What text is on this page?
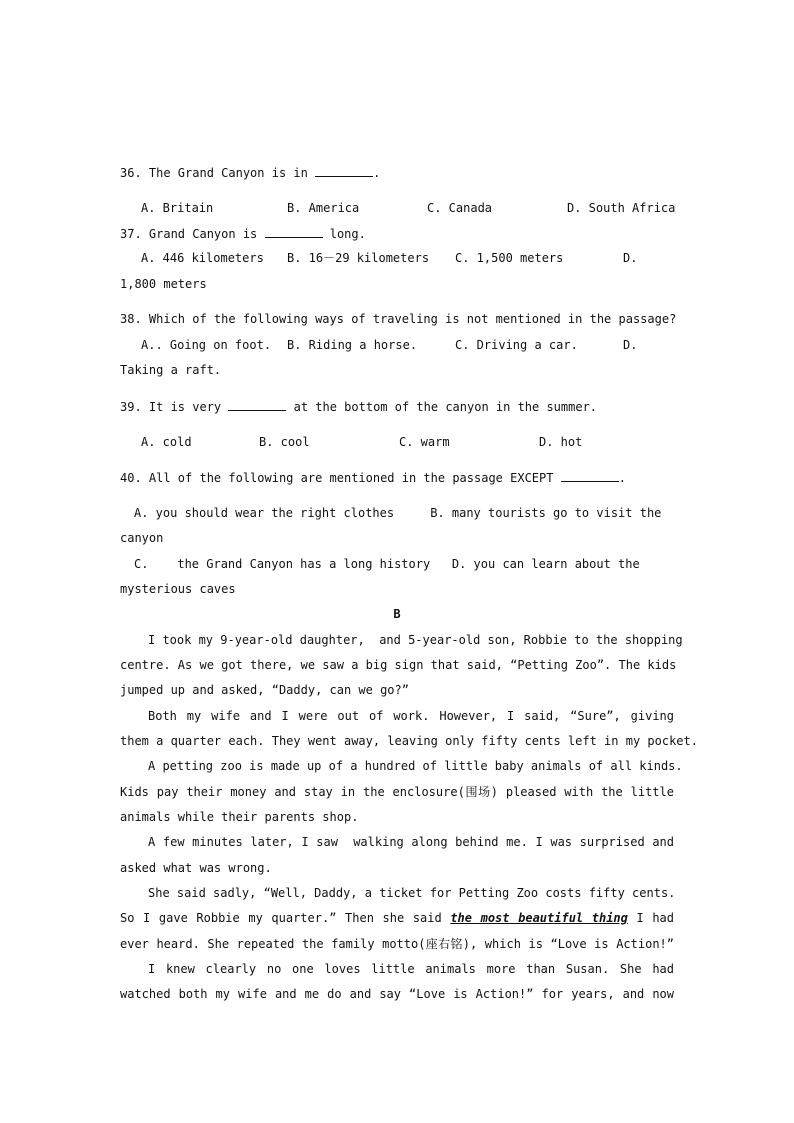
36. The Grand Canyon is in	.
A. Britain	B. America	C. Canada	D. South Africa
37. Grand Canyon is	long.
A. 446 kilometers B. 16－29 kilometers C. 1,500 meters	D.
1,800 meters
38. Which of the following ways of traveling is not mentioned in the passage?
A.. Going on foot. B. Riding a horse.	C. Driving a car.	D.
Taking a raft.
39. It is very	at the bottom of the canyon in the summer.
A. cold	B. cool	C. warm	D. hot
40. All of the following are mentioned in the passage EXCEPT	.
A. you should wear the right clothes     B. many tourists go to visit the
canyon
C.    the Grand Canyon has a long history   D. you can learn about the
mysterious caves
B
I took my 9-year-old daughter,  and 5-year-old son, Robbie to the shopping
centre. As we got there, we saw a big sign that said, “Petting Zoo”. The kids
jumped up and asked, “Daddy, can we go?”
Both my wife and I were out of work. However, I said, “Sure”, giving
them a quarter each. They went away, leaving only fifty cents left in my pocket.
A petting zoo is made up of a hundred of little baby animals of all kinds.
Kids pay their money and stay in the enclosure(围场) pleased with the little
animals while their parents shop.
A few minutes later, I saw  walking along behind me. I was surprised and
asked what was wrong.
She said sadly, “Well, Daddy, a ticket for Petting Zoo costs fifty cents.
So I gave Robbie my quarter.” Then she said the most beautiful thing I had
ever heard. She repeated the family motto(座右铭), which is “Love is Action!”
I knew clearly no one loves little animals more than Susan. She had
watched both my wife and me do and say “Love is Action!” for years, and now
